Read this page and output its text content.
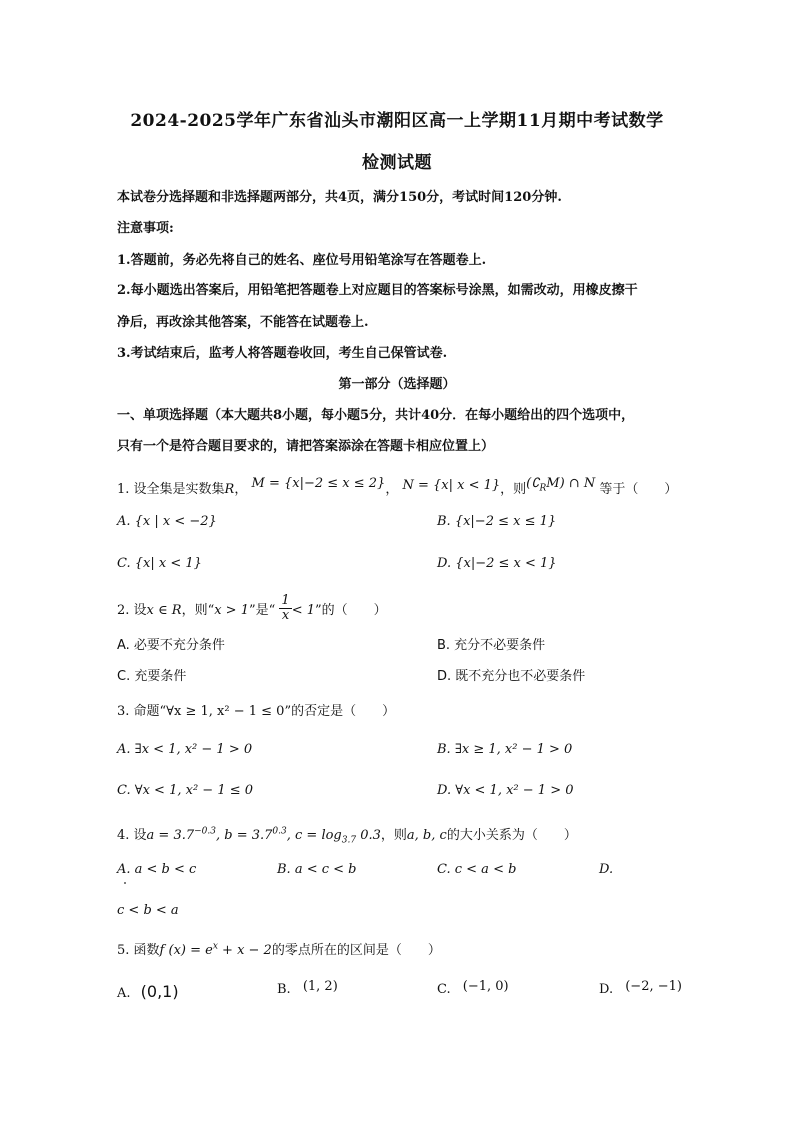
2024-2025学年广东省汕头市潮阳区高一上学期11月期中考试数学
检测试题
本试卷分选择题和非选择题两部分，共4页，满分150分，考试时间120分钟.
注意事项:
1.答题前，务必先将自己的姓名、座位号用铅笔涂写在答题卷上.
2.每小题选出答案后，用铅笔把答题卷上对应题目的答案标号涂黑，如需改动，用橡皮擦干
净后，再改涂其他答案，不能答在试题卷上.
3.考试结束后，监考人将答题卷收回，考生自己保管试卷.
第一部分（选择题）
一、单项选择题（本大题共8小题，每小题5分，共计40分．在每小题给出的四个选项中，
只有一个是符合题目要求的，请把答案添涂在答题卡相应位置上）
1. 设全集是实数集R， M = {x|−2 ≤ x ≤ 2}， N = {x| x < 1}，则$(∁_RM)$ ∩ N 等于（　　）
A. {x | x < −2}	B. {x|−2 ≤ x ≤ 1}
C. {x| x < 1}	D. {x|−2 ≤ x < 1}
2. 设x ∈ R，则“x > 1”是“ $\frac{1}{x} < 1$”的（　　）
A. 必要不充分条件	B. 充分不必要条件
C. 充要条件	D. 既不充分也不必要条件
3. 命题“∀x ≥ 1, x² − 1 ≤ 0”的否定是（　　）
A. ∃x < 1, x² − 1 > 0	B. ∃x ≥ 1, x² − 1 > 0
C. ∀x < 1, x² − 1 ≤ 0	D. ∀x < 1, x² − 1 > 0
4. 设$a = 3.7^{-0.3}$, $b = 3.7^{0.3}$, $c = \log_{3.7} 0.3$，则a, b, c的大小关系为（　　）
A. a < b < c	B. a < c < b	C. c < a < b	D.
c < b < a
5. 函数f $(x) = e^x + x - 2$的零点所在的区间是（　　）
A. (0,1)	B. (1, 2)	C. (−1, 0)	D. (−2, −1)
